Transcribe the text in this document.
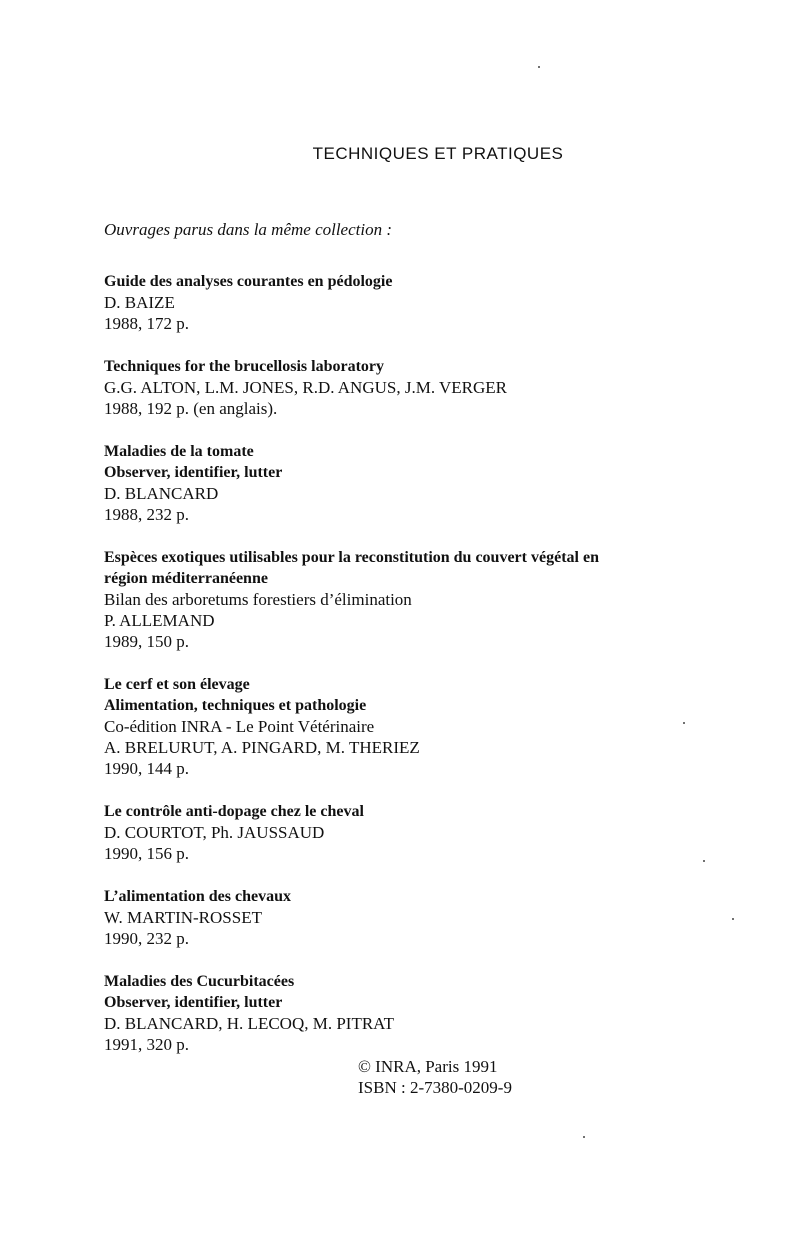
TECHNIQUES ET PRATIQUES
Ouvrages parus dans la même collection :
Guide des analyses courantes en pédologie
D. BAIZE
1988, 172 p.
Techniques for the brucellosis laboratory
G.G. ALTON, L.M. JONES, R.D. ANGUS, J.M. VERGER
1988, 192 p. (en anglais).
Maladies de la tomate
Observer, identifier, lutter
D. BLANCARD
1988, 232 p.
Espèces exotiques utilisables pour la reconstitution du couvert végétal en
région méditerranéenne
Bilan des arboretums forestiers d’élimination
P. ALLEMAND
1989, 150 p.
Le cerf et son élevage
Alimentation, techniques et pathologie
Co-édition INRA - Le Point Vétérinaire
A. BRELURUT, A. PINGARD, M. THERIEZ
1990, 144 p.
Le contrôle anti-dopage chez le cheval
D. COURTOT, Ph. JAUSSAUD
1990, 156 p.
L’alimentation des chevaux
W. MARTIN-ROSSET
1990, 232 p.
Maladies des Cucurbitacées
Observer, identifier, lutter
D. BLANCARD, H. LECOQ, M. PITRAT
1991, 320 p.
© INRA, Paris 1991
ISBN : 2-7380-0209-9
